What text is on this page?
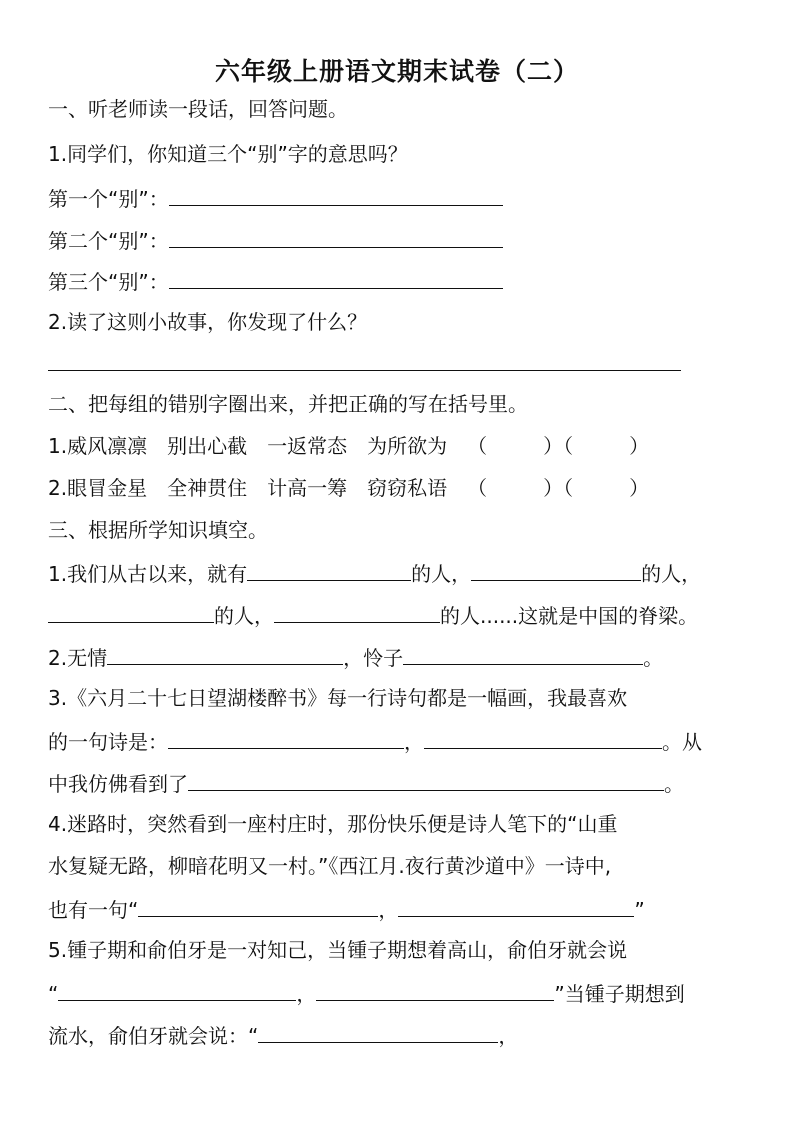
六年级上册语文期末试卷（二）
一、听老师读一段话，回答问题。
1.同学们，你知道三个“别”字的意思吗？
第一个“别”：
第二个“别”：
第三个“别”：
2.读了这则小故事，你发现了什么？
二、把每组的错别字圈出来，并把正确的写在括号里。
1.威风凛凛 别出心截 一返常态 为所欲为 （	）（	）
2.眼冒金星 全神贯住 计高一筹 窃窃私语 （	）（	）
三、根据所学知识填空。
1.我们从古以来，就有	的人，	的人，
的人，	的人......这就是中国的脊梁。
2.无情	，怜子	。
3.《六月二十七日望湖楼醉书》每一行诗句都是一幅画，我最喜欢
的一句诗是：	，	。从
中我仿佛看到了	。
4.迷路时，突然看到一座村庄时，那份快乐便是诗人笔下的“山重
水复疑无路，柳暗花明又一村。”《西江月.夜行黄沙道中》一诗中,
也有一句“	，	”
5.锺子期和俞伯牙是一对知己，当锺子期想着高山，俞伯牙就会说
“	，	”当锺子期想到
流水，俞伯牙就会说：“	，
